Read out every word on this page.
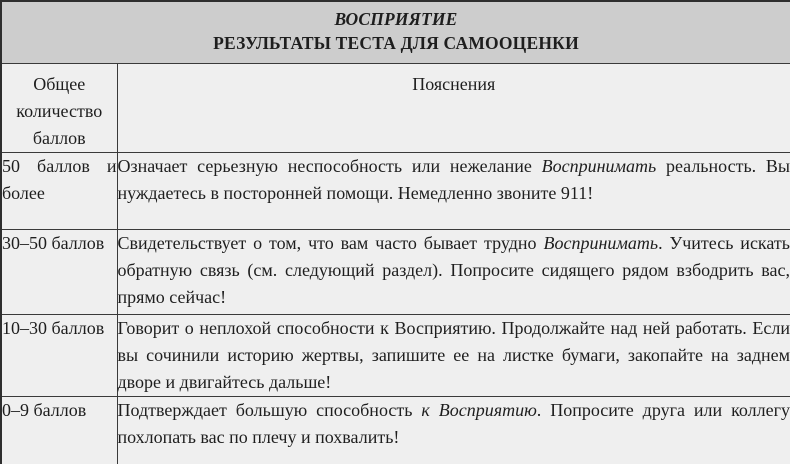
ВОСПРИЯТИЕ
РЕЗУЛЬТАТЫ ТЕСТА ДЛЯ САМООЦЕНКИ	

Общее количество баллов	Пояснения
50 баллов и более	Означает серьезную неспособность или нежелание Воспринимать реальность. Вы нуждаетесь в посторонней помощи. Немедленно звоните 911!
30–50 баллов	Свидетельствует о том, что вам часто бывает трудно Воспринимать. Учитесь искать обратную связь (см. следующий раздел). Попросите сидящего рядом взбодрить вас, прямо сейчас!
10–30 баллов	Говорит о неплохой способности к Восприятию. Продолжайте над ней работать. Если вы сочинили историю жертвы, запишите ее на листке бумаги, закопайте на заднем дворе и двигайтесь дальше!
0–9 баллов	Подтверждает большую способность к Восприятию. Попросите друга или коллегу похлопать вас по плечу и похвалить!
